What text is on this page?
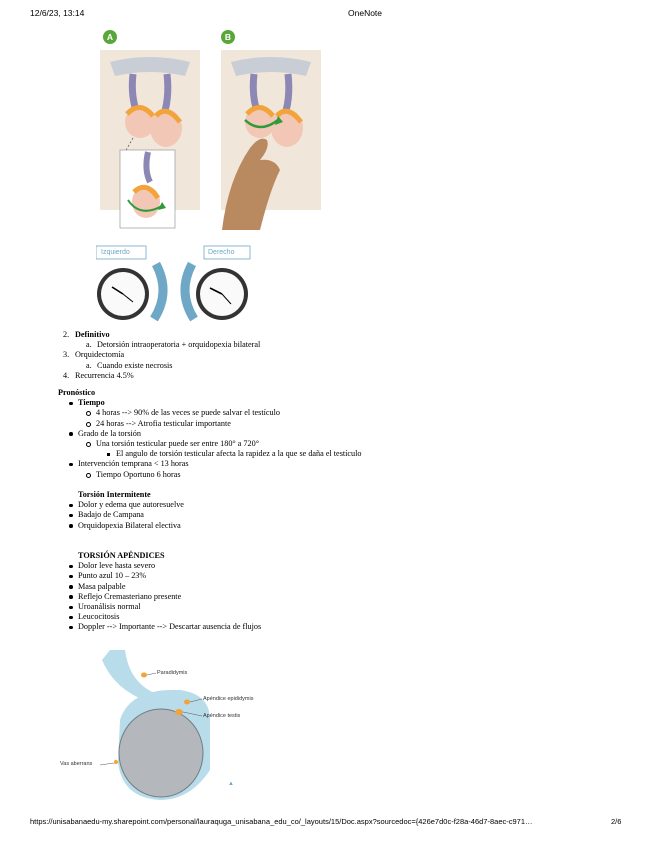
12/6/23, 13:14	OneNote
A	B
Izquierdo	Derecho
2. Definitivo
a. Detorsión intraoperatoria + orquidopexia bilateral
3. Orquidectomía
a. Cuando existe necrosis
4. Recurrencia 4.5%
Pronóstico
Tiempo
4 horas --> 90% de las veces se puede salvar el testículo
24 horas --> Atrofia testicular importante
Grado de la torsión
Una torsión testicular puede ser entre 180° a 720°
El angulo de torsión testicular afecta la rapidez a la que se daña el testículo
Intervención temprana < 13 horas
Tiempo Oportuno 6 horas
Torsión Intermitente
Dolor y edema que autoresuelve
Badajo de Campana
Orquidopexia Bilateral electiva
TORSIÓN APÉNDICES
Dolor leve hasta severo
Punto azul 10 – 23%
Masa palpable
Reflejo Cremasteriano presente
Uroanálisis normal
Leucocitosis
Doppler --> Importante --> Descartar ausencia de flujos
▲
Paradidymis
Apéndice epididymis
Apéndice testis
Vas aberrans
https://unisabanaedu-my.sharepoint.com/personal/lauraquga_unisabana_edu_co/_layouts/15/Doc.aspx?sourcedoc={426e7d0c-f28a-46d7-8aec-c971…	2/6
